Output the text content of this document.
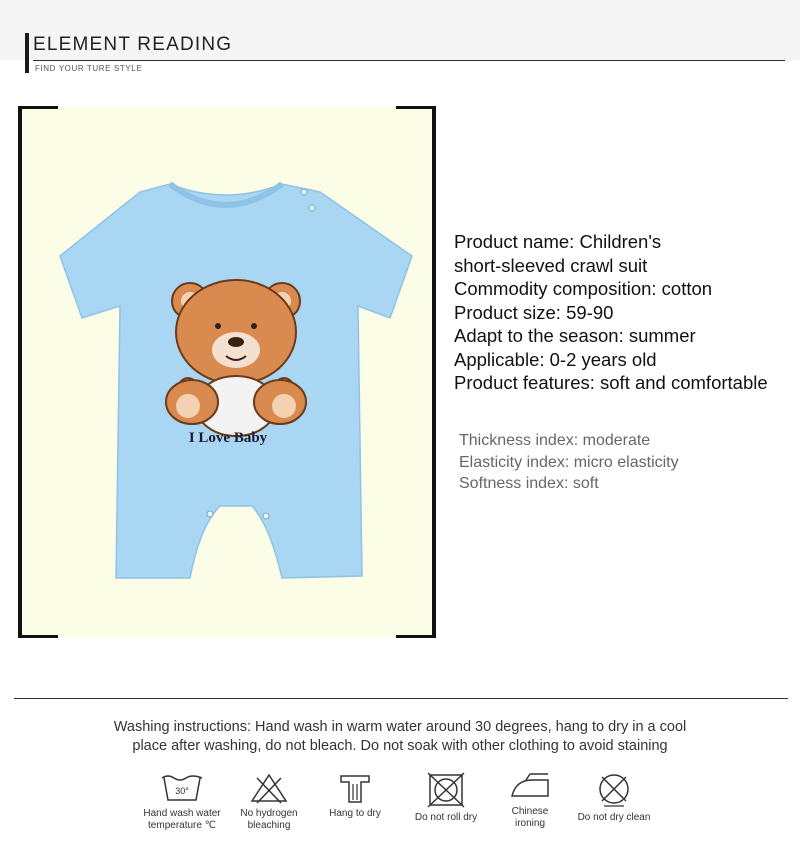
ELEMENT READING
FIND YOUR TURE STYLE
I Love Baby
Product name: Children's
short-sleeved crawl suit
Commodity composition: cotton
Product size: 59-90
Adapt to the season: summer
Applicable: 0-2 years old
Product features: soft and comfortable
Thickness index: moderate
Elasticity index: micro elasticity
Softness index: soft
Washing instructions: Hand wash in warm water around 30 degrees, hang to dry in a cool
place after washing, do not bleach. Do not soak with other clothing to avoid staining
30°
Hand wash water
temperature ℃
No hydrogen
bleaching
Hang to dry	Do not roll dry
Chinese
ironing
Do not dry clean
